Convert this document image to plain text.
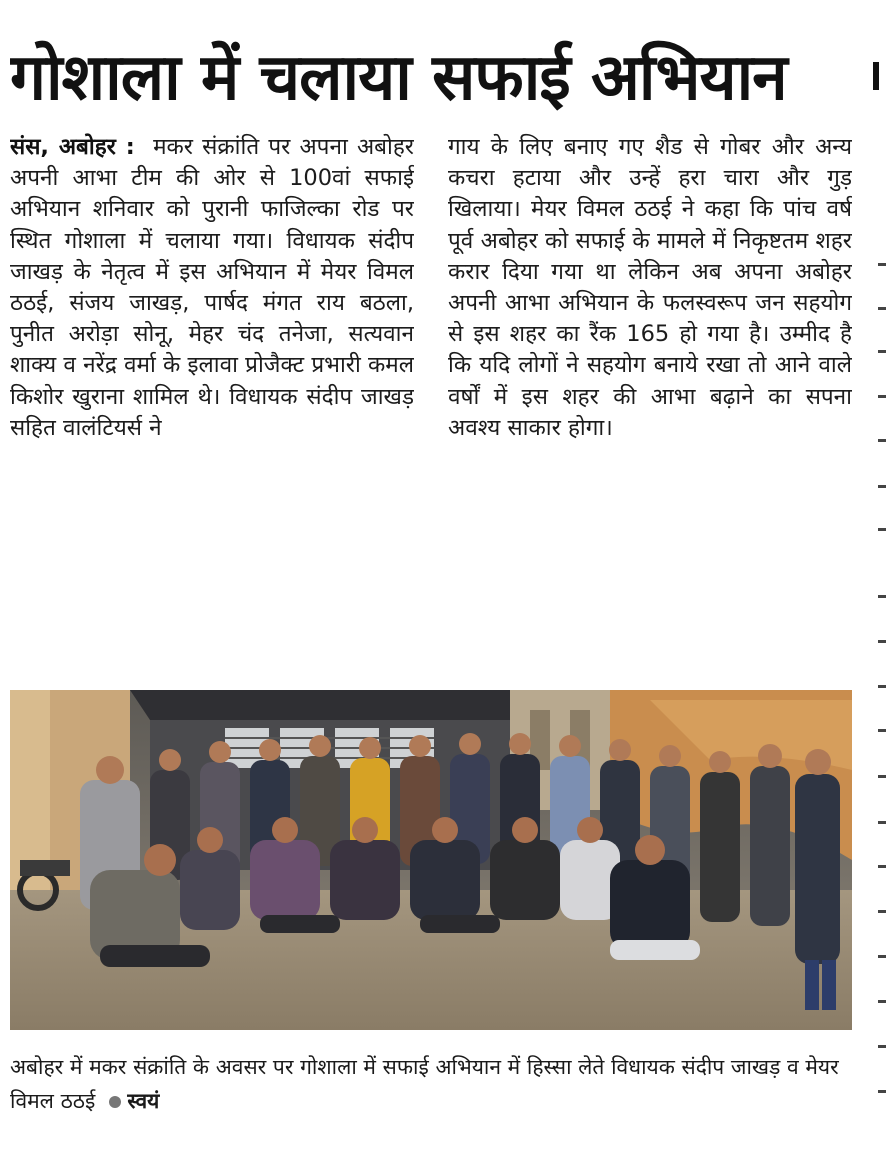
गोशाला में चलाया सफाई अभियान

संस, अबोहर : मकर संक्रांति पर अपना अबोहर अपनी आभा टीम की ओर से 100वां सफाई अभियान शनिवार को पुरानी फाजिल्का रोड पर स्थित गोशाला में चलाया गया। विधायक संदीप जाखड़ के नेतृत्व में इस अभियान में मेयर विमल ठठई, संजय जाखड़, पार्षद मंगत राय बठला, पुनीत अरोड़ा सोनू, मेहर चंद तनेजा, सत्यवान शाक्य व नरेंद्र वर्मा के इलावा प्रोजैक्ट प्रभारी कमल किशोर खुराना शामिल थे। विधायक संदीप जाखड़ सहित वालंटियर्स ने

गाय के लिए बनाए गए शैड से गोबर और अन्य कचरा हटाया और उन्हें हरा चारा और गुड़ खिलाया। मेयर विमल ठठई ने कहा कि पांच वर्ष पूर्व अबोहर को सफाई के मामले में निकृष्टतम शहर करार दिया गया था लेकिन अब अपना अबोहर अपनी आभा अभियान के फलस्वरूप जन सहयोग से इस शहर का रैंक 165 हो गया है। उम्मीद है कि यदि लोगों ने सहयोग बनाये रखा तो आने वाले वर्षों में इस शहर की आभा बढ़ाने का सपना अवश्य साकार होगा।

अबोहर में मकर संक्रांति के अवसर पर गोशाला में सफाई अभियान में हिस्सा लेते विधायक संदीप जाखड़ व मेयर विमल ठठई स्वयं
